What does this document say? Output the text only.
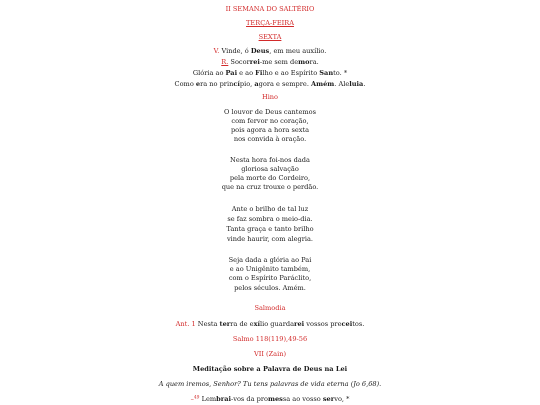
II SEMANA DO SALTÉRIO
TERÇA-FEIRA
SEXTA
V. Vinde, ó Deus, em meu auxílio.
R. Socorrei-me sem demora.
Glória ao Pai e ao Filho e ao Espírito Santo. *
Como era no princípio, agora e sempre. Amém. Aleluia.
Hino
O louvor de Deus cantemos
com fervor no coração,
pois agora a hora sexta
nos convida à oração.
Nesta hora foi-nos dada
gloriosa salvação
pela morte do Cordeiro,
que na cruz trouxe o perdão.
Ante o brilho de tal luz
se faz sombra o meio-dia.
Tanta graça e tanto brilho
vinde haurir, com alegria.
Seja dada a glória ao Pai
e ao Unigênito também,
com o Espírito Paráclito,
pelos séculos. Amém.
Salmodia
Ant. 1 Nesta terra de exílio guardarei vossos preceitos.
Salmo 118(119),49-56
VII (Zain)
Meditação sobre a Palavra de Deus na Lei
A quem iremos, Senhor? Tu tens palavras de vida eterna (Jo 6,68).
–$^{49}$ Lembrai-vos da promessa ao vosso servo, *
